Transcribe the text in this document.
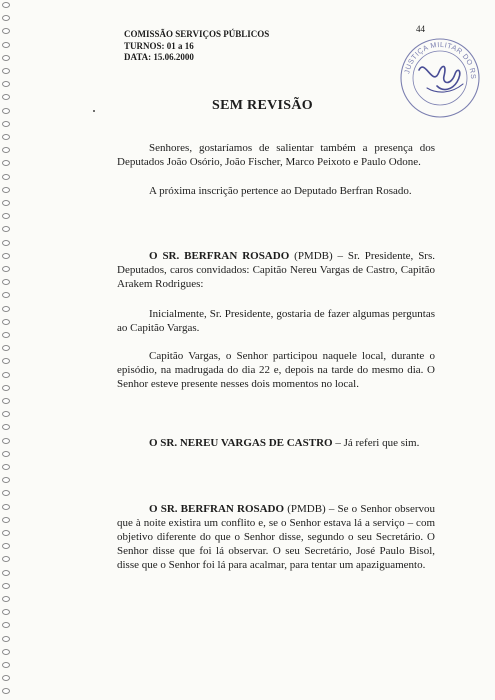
COMISSÃO SERVIÇOS PÚBLICOS
TURNOS: 01 a 16
DATA: 15.06.2000
44
JUSTIÇA MILITAR DO RS
SEM REVISÃO
Senhores, gostaríamos de salientar também a presença dos Deputados João Osório, João Fischer, Marco Peixoto e Paulo Odone.
A próxima inscrição pertence ao Deputado Berfran Rosado.
O SR. BERFRAN ROSADO (PMDB) – Sr. Presidente, Srs. Deputados, caros convidados: Capitão Nereu Vargas de Castro, Capitão Arakem Rodrigues:
Inicialmente, Sr. Presidente, gostaria de fazer algumas perguntas ao Capitão Vargas.
Capitão Vargas, o Senhor participou naquele local, durante o episódio, na madrugada do dia 22 e, depois na tarde do mesmo dia. O Senhor esteve presente nesses dois momentos no local.
O SR. NEREU VARGAS DE CASTRO – Já referi que sim.
O SR. BERFRAN ROSADO (PMDB) – Se o Senhor observou que à noite existira um conflito e, se o Senhor estava lá a serviço – com objetivo diferente do que o Senhor disse, segundo o seu Secretário. O Senhor disse que foi lá observar. O seu Secretário, José Paulo Bisol, disse que o Senhor foi lá para acalmar, para tentar um apaziguamento.
